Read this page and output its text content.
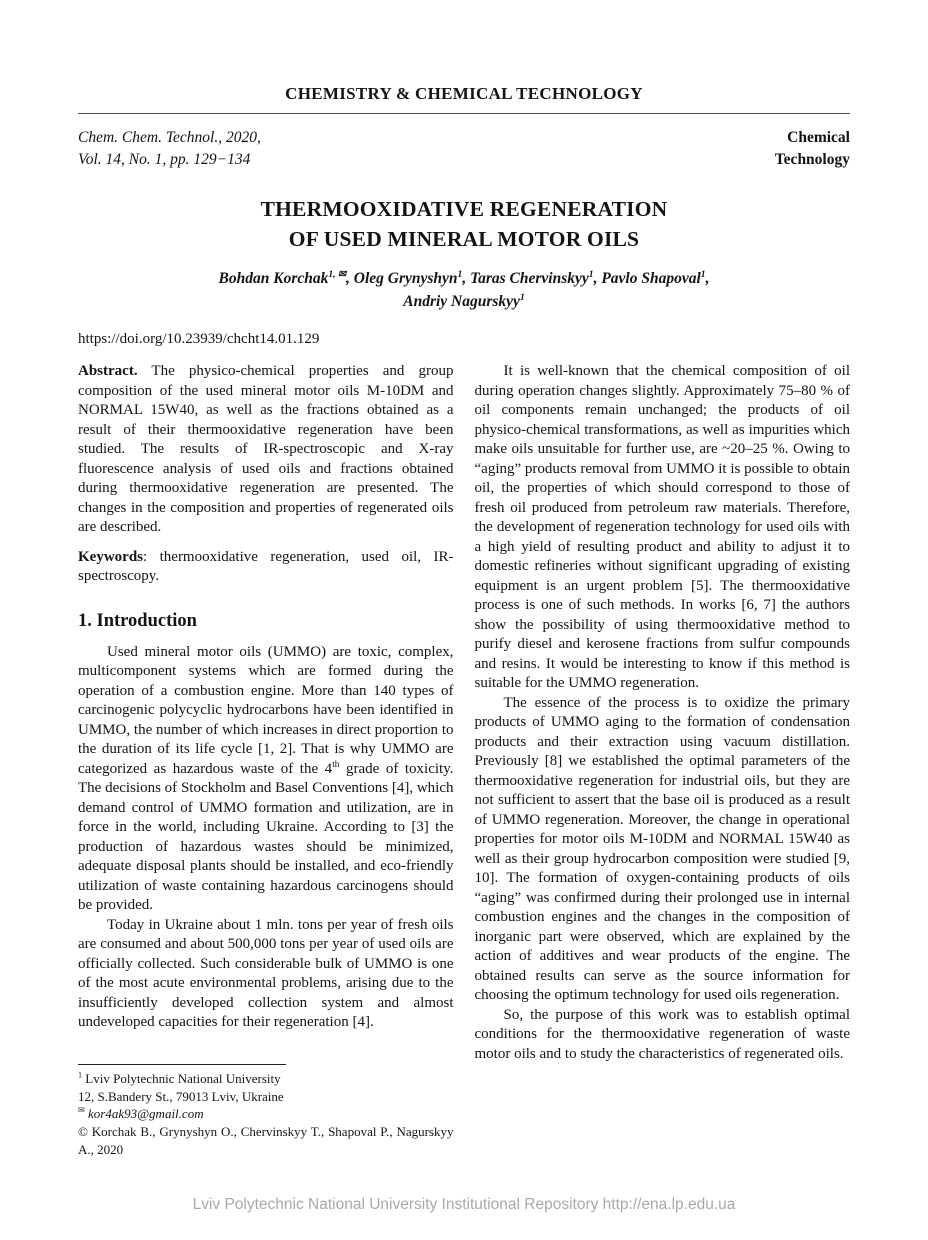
CHEMISTRY & CHEMICAL TECHNOLOGY
Chem. Chem. Technol., 2020,
Vol. 14, No. 1, pp. 129−134
Chemical
Technology
THERMOOXIDATIVE REGENERATION
OF USED MINERAL MOTOR OILS
Bohdan Korchak$^{1, ✉}$, Oleg Grynyshyn$^1$, Taras Chervinskyy$^1$, Pavlo Shapoval$^1$,
Andriy Nagurskyy$^1$
https://doi.org/10.23939/chcht14.01.129

Abstract. The physico-chemical properties and group composition of the used mineral motor oils M-10DM and NORMAL 15W40, as well as the fractions obtained as a result of their thermooxidative regeneration have been studied. The results of IR-spectroscopic and X-ray fluorescence analysis of used oils and fractions obtained during thermooxidative regeneration are presented. The changes in the composition and properties of regenerated oils are described.

Keywords: thermooxidative regeneration, used oil, IR-spectroscopy.

1. Introduction

Used mineral motor oils (UMMO) are toxic, complex, multicomponent systems which are formed during the operation of a combustion engine. More than 140 types of carcinogenic polycyclic hydrocarbons have been identified in UMMO, the number of which increases in direct proportion to the duration of its life cycle [1, 2]. That is why UMMO are categorized as hazardous waste of the 4th grade of toxicity. The decisions of Stockholm and Basel Conventions [4], which demand control of UMMO formation and utilization, are in force in the world, including Ukraine. According to [3] the production of hazardous wastes should be minimized, adequate disposal plants should be installed, and eco-friendly utilization of waste containing hazardous carcinogens should be provided.

Today in Ukraine about 1 mln. tons per year of fresh oils are consumed and about 500,000 tons per year of used oils are officially collected. Such considerable bulk of UMMO is one of the most acute environmental problems, arising due to the insufficiently developed collection system and almost undeveloped capacities for their regeneration [4].

$^1$ Lviv Polytechnic National University
12, S.Bandery St., 79013 Lviv, Ukraine
✉ kor4ak93@gmail.com
© Korchak B., Grynyshyn O., Chervinskyy T., Shapoval P., Nagurskyy A., 2020

It is well-known that the chemical composition of oil during operation changes slightly. Approximately 75–80 % of oil components remain unchanged; the products of oil physico-chemical transformations, as well as impurities which make oils unsuitable for further use, are ~20–25 %. Owing to “aging” products removal from UMMO it is possible to obtain oil, the properties of which should correspond to those of fresh oil produced from petroleum raw materials. Therefore, the development of regeneration technology for used oils with a high yield of resulting product and ability to adjust it to domestic refineries without significant upgrading of existing equipment is an urgent problem [5]. The thermooxidative process is one of such methods. In works [6, 7] the authors show the possibility of using thermooxidative method to purify diesel and kerosene fractions from sulfur compounds and resins. It would be interesting to know if this method is suitable for the UMMO regeneration.

The essence of the process is to oxidize the primary products of UMMO aging to the formation of condensation products and their extraction using vacuum distillation. Previously [8] we established the optimal parameters of the thermooxidative regeneration for industrial oils, but they are not sufficient to assert that the base oil is produced as a result of UMMO regeneration. Moreover, the change in operational properties for motor oils M-10DM and NORMAL 15W40 as well as their group hydrocarbon composition were studied [9, 10]. The formation of oxygen-containing products of oils “aging” was confirmed during their prolonged use in internal combustion engines and the changes in the composition of inorganic part were observed, which are explained by the action of additives and wear products of the engine. The obtained results can serve as the source information for choosing the optimum technology for used oils regeneration.

So, the purpose of this work was to establish optimal conditions for the thermooxidative regeneration of waste motor oils and to study the characteristics of regenerated oils.

Lviv Polytechnic National University Institutional Repository http://ena.lp.edu.ua
